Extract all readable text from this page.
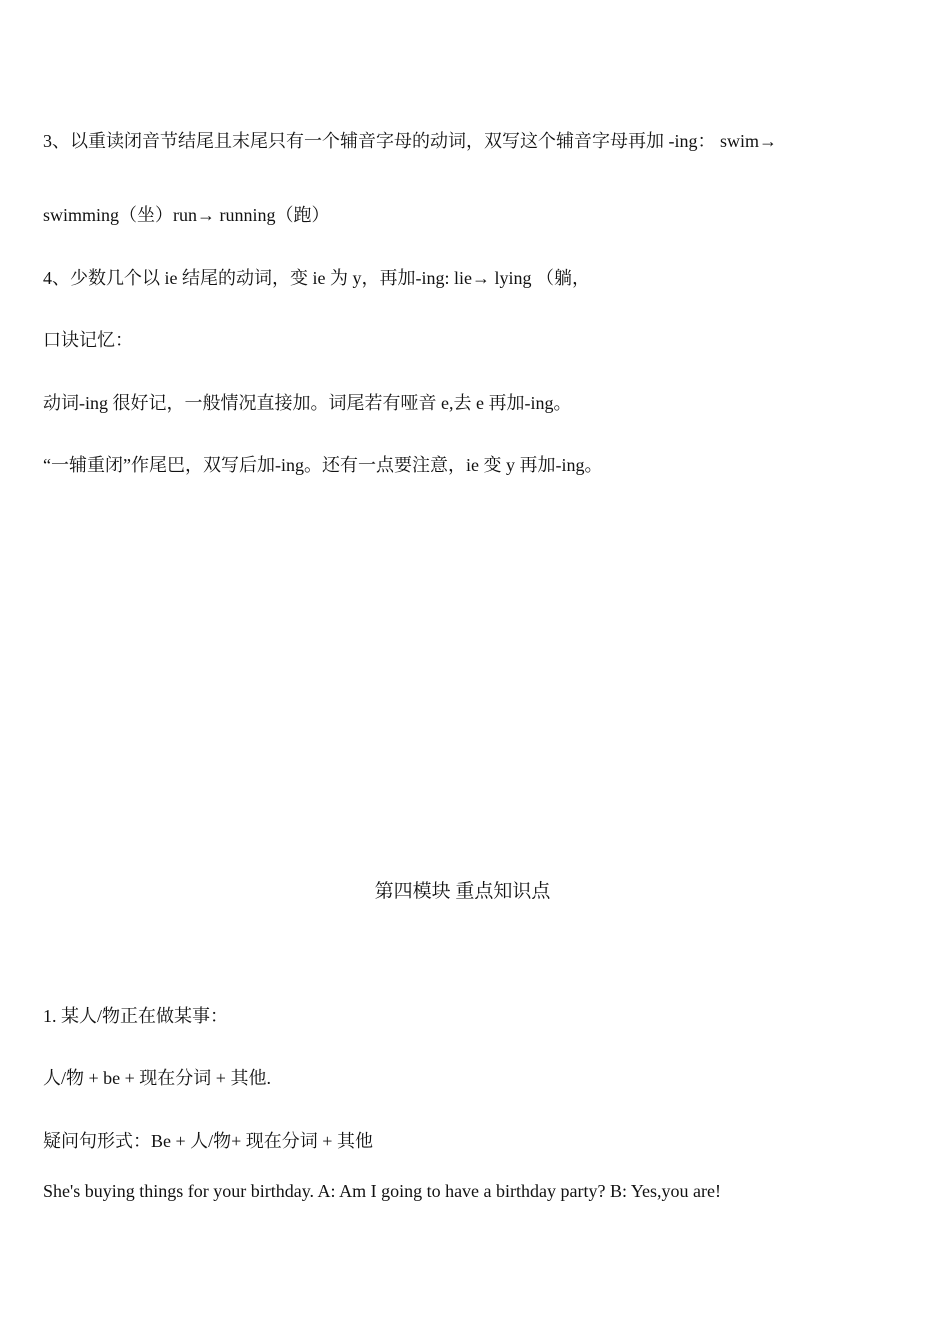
3、以重读闭音节结尾且末尾只有一个辅音字母的动词，双写这个辅音字母再加 -ing： swim→
swimming（坐）run→ running（跑）
4、少数几个以 ie 结尾的动词，变 ie 为 y，再加-ing: lie→ lying （躺，
口诀记忆：
动词-ing 很好记，一般情况直接加。词尾若有哑音 e,去 e 再加-ing。
“一辅重闭”作尾巴，双写后加-ing。还有一点要注意，ie 变 y 再加-ing。
第四模块 重点知识点
1. 某人/物正在做某事：
人/物 + be + 现在分词 + 其他.
疑问句形式：Be + 人/物+ 现在分词 + 其他
She's buying things for your birthday. A: Am I going to have a birthday party? B: Yes,you are!
